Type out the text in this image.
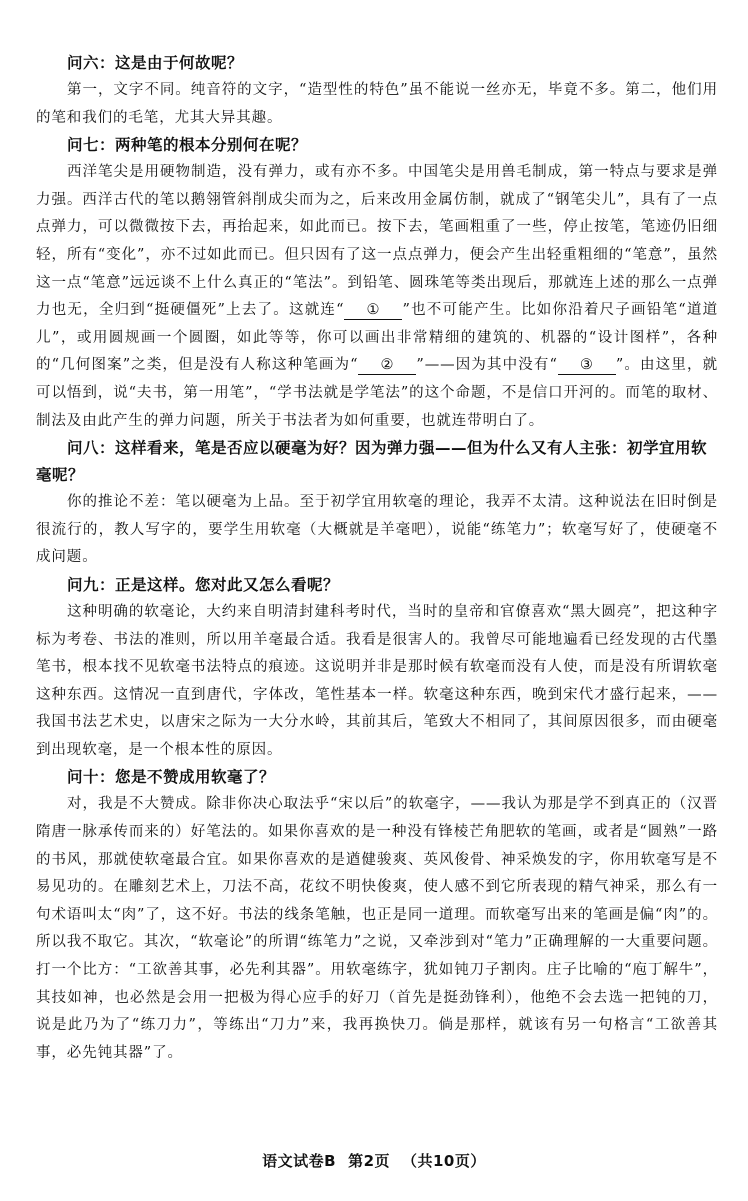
问六：这是由于何故呢？

第一，文字不同。纯音符的文字，“造型性的特色”虽不能说一丝亦无，毕竟不多。第二，他们用的笔和我们的毛笔，尤其大异其趣。

问七：两种笔的根本分别何在呢？

西洋笔尖是用硬物制造，没有弹力，或有亦不多。中国笔尖是用兽毛制成，第一特点与要求是弹力强。西洋古代的笔以鹅翎管斜削成尖而为之，后来改用金属仿制，就成了“钢笔尖儿”，具有了一点点弹力，可以微微按下去，再抬起来，如此而已。按下去，笔画粗重了一些，停止按笔，笔迹仍旧细轻，所有“变化”，亦不过如此而已。但只因有了这一点点弹力，便会产生出轻重粗细的“笔意”，虽然这一点“笔意”远远谈不上什么真正的“笔法”。到铅笔、圆珠笔等类出现后，那就连上述的那么一点弹力也无，全归到“挺硬僵死”上去了。这就连“ ① ”也不可能产生。比如你沿着尺子画铅笔“道道儿”，或用圆规画一个圆圈，如此等等，你可以画出非常精细的建筑的、机器的“设计图样”，各种的“几何图案”之类，但是没有人称这种笔画为“ ② ”——因为其中没有“ ③ ”。由这里，就可以悟到，说“夫书，第一用笔”，“学书法就是学笔法”的这个命题，不是信口开河的。而笔的取材、制法及由此产生的弹力问题，所关于书法者为如何重要，也就连带明白了。

问八：这样看来，笔是否应以硬毫为好？因为弹力强——但为什么又有人主张：初学宜用软毫呢？

你的推论不差：笔以硬毫为上品。至于初学宜用软毫的理论，我弄不太清。这种说法在旧时倒是很流行的，教人写字的，要学生用软毫（大概就是羊毫吧），说能“练笔力”；软毫写好了，使硬毫不成问题。

问九：正是这样。您对此又怎么看呢？

这种明确的软毫论，大约来自明清封建科考时代，当时的皇帝和官僚喜欢“黑大圆亮”，把这种字标为考卷、书法的准则，所以用羊毫最合适。我看是很害人的。我曾尽可能地遍看已经发现的古代墨笔书，根本找不见软毫书法特点的痕迹。这说明并非是那时候有软毫而没有人使，而是没有所谓软毫这种东西。这情况一直到唐代，字体改，笔性基本一样。软毫这种东西，晚到宋代才盛行起来，——我国书法艺术史，以唐宋之际为一大分水岭，其前其后，笔致大不相同了，其间原因很多，而由硬毫到出现软毫，是一个根本性的原因。

问十：您是不赞成用软毫了？

对，我是不大赞成。除非你决心取法乎“宋以后”的软毫字，——我认为那是学不到真正的（汉晋隋唐一脉承传而来的）好笔法的。如果你喜欢的是一种没有锋棱芒角肥软的笔画，或者是“圆熟”一路的书风，那就使软毫最合宜。如果你喜欢的是遒健骏爽、英风俊骨、神采焕发的字，你用软毫写是不易见功的。在雕刻艺术上，刀法不高，花纹不明快俊爽，使人感不到它所表现的精气神采，那么有一句术语叫太“肉”了，这不好。书法的线条笔触，也正是同一道理。而软毫写出来的笔画是偏“肉”的。所以我不取它。其次，“软毫论”的所谓“练笔力”之说，又牵涉到对“笔力”正确理解的一大重要问题。打一个比方：“工欲善其事，必先利其器”。用软毫练字，犹如钝刀子割肉。庄子比喻的“庖丁解牛”，其技如神，也必然是会用一把极为得心应手的好刀（首先是挺劲锋利），他绝不会去选一把钝的刀，说是此乃为了“练刀力”，等练出“刀力”来，我再换快刀。倘是那样，就该有另一句格言“工欲善其事，必先钝其器”了。

语文试卷B 第2页 （共10页）
